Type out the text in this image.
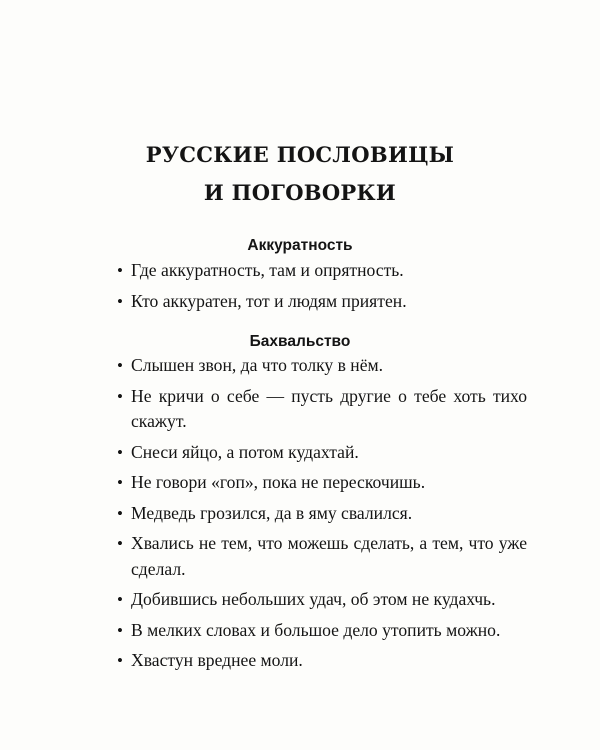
РУССКИЕ ПОСЛОВИЦЫ
И ПОГОВОРКИ
Аккуратность
• Где аккуратность, там и опрятность.
• Кто аккуратен, тот и людям приятен.
Бахвальство
• Слышен звон, да что толку в нём.
• Не кричи о себе — пусть другие о тебе хоть тихо скажут.
• Снеси яйцо, а потом кудахтай.
• Не говори «гоп», пока не перескочишь.
• Медведь грозился, да в яму свалился.
• Хвались не тем, что можешь сделать, а тем, что уже сделал.
• Добившись небольших удач, об этом не кудахчь.
• В мелких словах и большое дело утопить можно.
• Хвастун вреднее моли.
